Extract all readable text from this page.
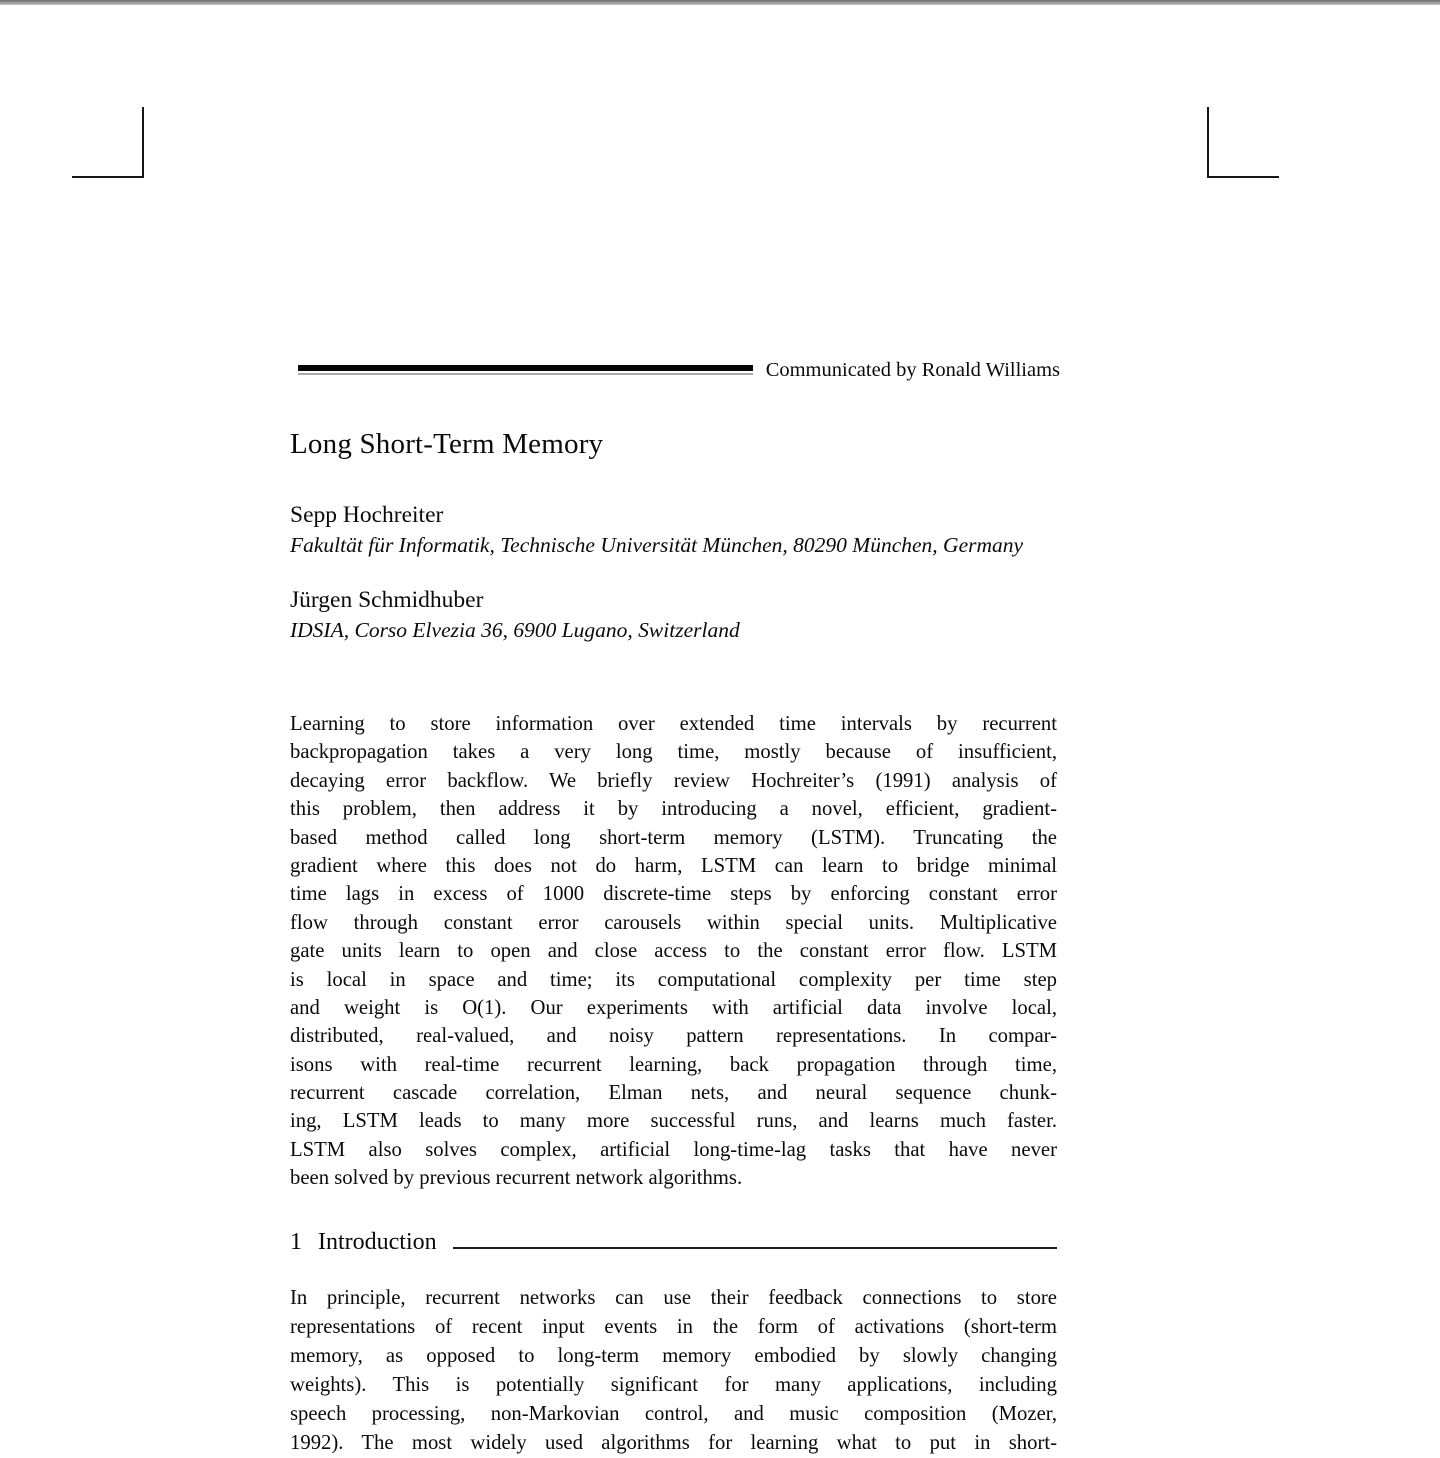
Communicated by Ronald Williams
Long Short-Term Memory
Sepp Hochreiter
Fakultät für Informatik, Technische Universität München, 80290 München, Germany
Jürgen Schmidhuber
IDSIA, Corso Elvezia 36, 6900 Lugano, Switzerland
Learning to store information over extended time intervals by recurrent
backpropagation takes a very long time, mostly because of insufficient,
decaying error backflow. We briefly review Hochreiter’s (1991) analysis of
this problem, then address it by introducing a novel, efficient, gradient-
based method called long short-term memory (LSTM). Truncating the
gradient where this does not do harm, LSTM can learn to bridge minimal
time lags in excess of 1000 discrete-time steps by enforcing constant error
flow through constant error carousels within special units. Multiplicative
gate units learn to open and close access to the constant error flow. LSTM
is local in space and time; its computational complexity per time step
and weight is O(1). Our experiments with artificial data involve local,
distributed, real-valued, and noisy pattern representations. In compar-
isons with real-time recurrent learning, back propagation through time,
recurrent cascade correlation, Elman nets, and neural sequence chunk-
ing, LSTM leads to many more successful runs, and learns much faster.
LSTM also solves complex, artificial long-time-lag tasks that have never
been solved by previous recurrent network algorithms.
1 Introduction
In principle, recurrent networks can use their feedback connections to store
representations of recent input events in the form of activations (short-term
memory, as opposed to long-term memory embodied by slowly changing
weights). This is potentially significant for many applications, including
speech processing, non-Markovian control, and music composition (Mozer,
1992). The most widely used algorithms for learning what to put in short-
